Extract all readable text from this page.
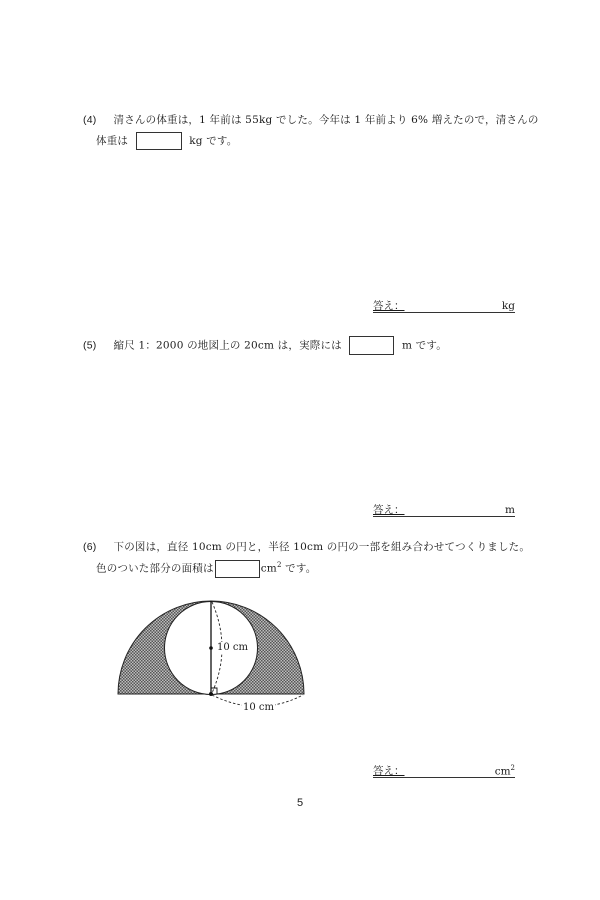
(4) 清さんの体重は，1 年前は 55kg でした。今年は 1 年前より 6% 増えたので，清さんの
体重は	kg です。
答え：	kg
(5) 縮尺 1：2000 の地図上の 20cm は，実際には	m です。
答え：	m
(6) 下の図は，直径 10cm の円と，半径 10cm の円の一部を組み合わせてつくりました。
色のついた部分の面積は	$cm^2$ です。
10 cm
10 cm
答え：	$cm^2$
5
